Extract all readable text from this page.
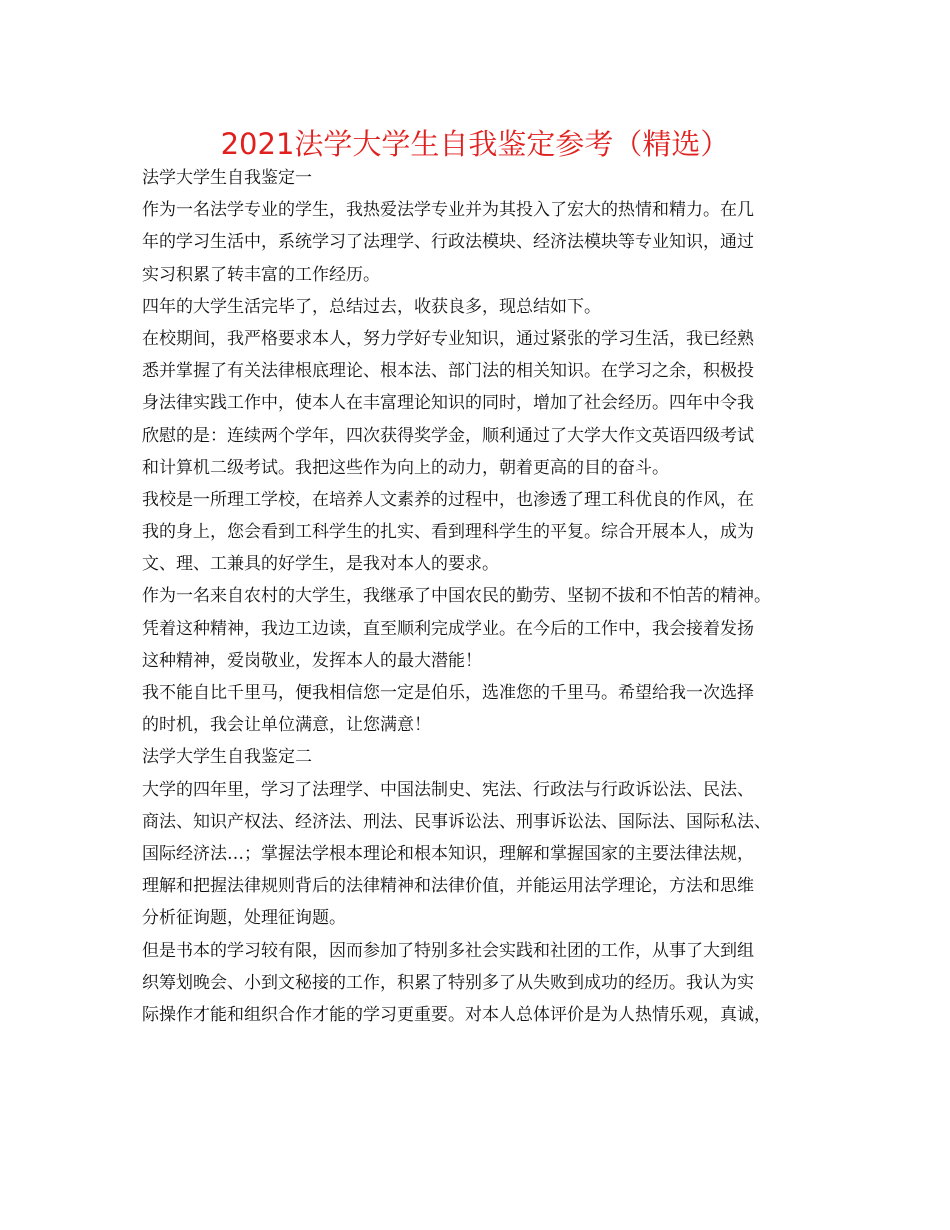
2021法学大学生自我鉴定参考（精选）
法学大学生自我鉴定一
作为一名法学专业的学生，我热爱法学专业并为其投入了宏大的热情和精力。在几
年的学习生活中，系统学习了法理学、行政法模块、经济法模块等专业知识，通过
实习积累了转丰富的工作经历。
四年的大学生活完毕了，总结过去，收获良多，现总结如下。
在校期间，我严格要求本人，努力学好专业知识，通过紧张的学习生活，我已经熟
悉并掌握了有关法律根底理论、根本法、部门法的相关知识。在学习之余，积极投
身法律实践工作中，使本人在丰富理论知识的同时，增加了社会经历。四年中令我
欣慰的是：连续两个学年，四次获得奖学金，顺利通过了大学大作文英语四级考试
和计算机二级考试。我把这些作为向上的动力，朝着更高的目的奋斗。
我校是一所理工学校，在培养人文素养的过程中，也渗透了理工科优良的作风，在
我的身上，您会看到工科学生的扎实、看到理科学生的平复。综合开展本人，成为
文、理、工兼具的好学生，是我对本人的要求。
作为一名来自农村的大学生，我继承了中国农民的勤劳、坚韧不拔和不怕苦的精神。
凭着这种精神，我边工边读，直至顺利完成学业。在今后的工作中，我会接着发扬
这种精神，爱岗敬业，发挥本人的最大潜能！
我不能自比千里马，便我相信您一定是伯乐，选准您的千里马。希望给我一次选择
的时机，我会让单位满意，让您满意！
法学大学生自我鉴定二
大学的四年里，学习了法理学、中国法制史、宪法、行政法与行政诉讼法、民法、
商法、知识产权法、经济法、刑法、民事诉讼法、刑事诉讼法、国际法、国际私法、
国际经济法…；掌握法学根本理论和根本知识，理解和掌握国家的主要法律法规，
理解和把握法律规则背后的法律精神和法律价值，并能运用法学理论，方法和思维
分析征询题，处理征询题。
但是书本的学习较有限，因而参加了特别多社会实践和社团的工作，从事了大到组
织筹划晚会、小到文秘接的工作，积累了特别多了从失败到成功的经历。我认为实
际操作才能和组织合作才能的学习更重要。对本人总体评价是为人热情乐观，真诚，
